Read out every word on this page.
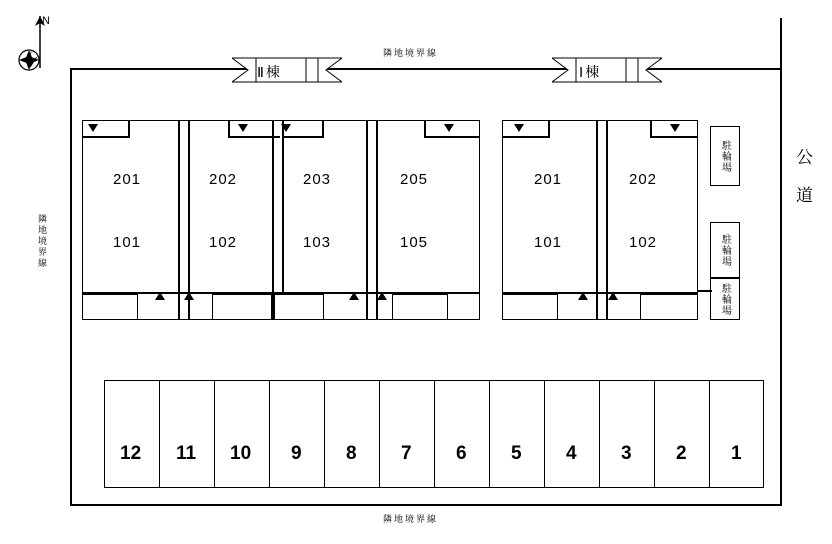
N
隣地境界線
隣地境界線
隣地境界線
公　道
Ⅱ棟	Ⅰ棟
201	202	203	205
101	102	103	105
201	202
101	102
駐輪場
駐輪場
駐輪場
12 11 10 9 8 7 6 5 4 3 2 1
